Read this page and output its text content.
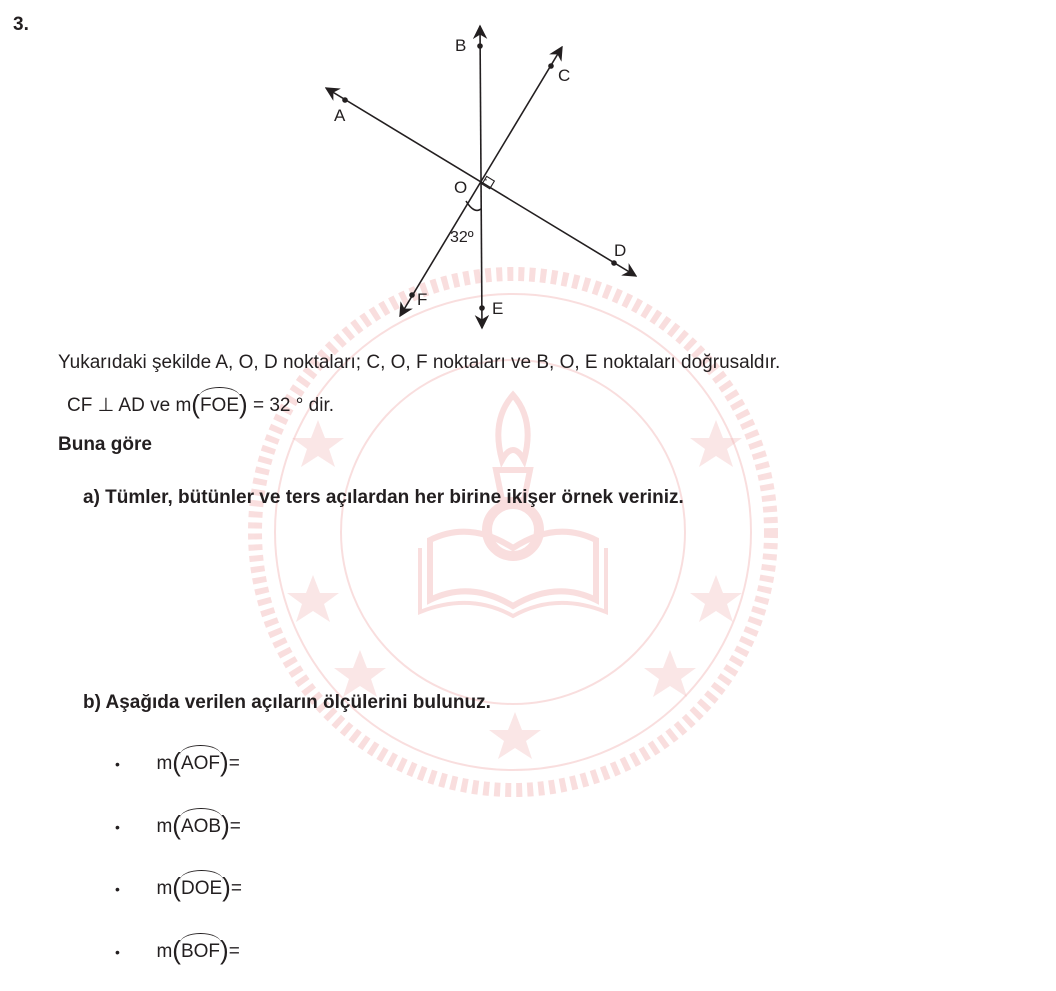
3.
B
C
A
O
D
F	E
32º
·
Yukarıdaki şekilde A, O, D noktaları; C, O, F noktaları ve B, O, E noktaları doğrusaldır.
CF ⊥ AD ve m(FOE) = 32 ° dir.
Buna göre
a) Tümler, bütünler ve ters açılardan her birine ikişer örnek veriniz.
b) Aşağıda verilen açıların ölçülerini bulunuz.
• m(AOF)=
• m(AOB)=
• m(DOE)=
• m(BOF)=
